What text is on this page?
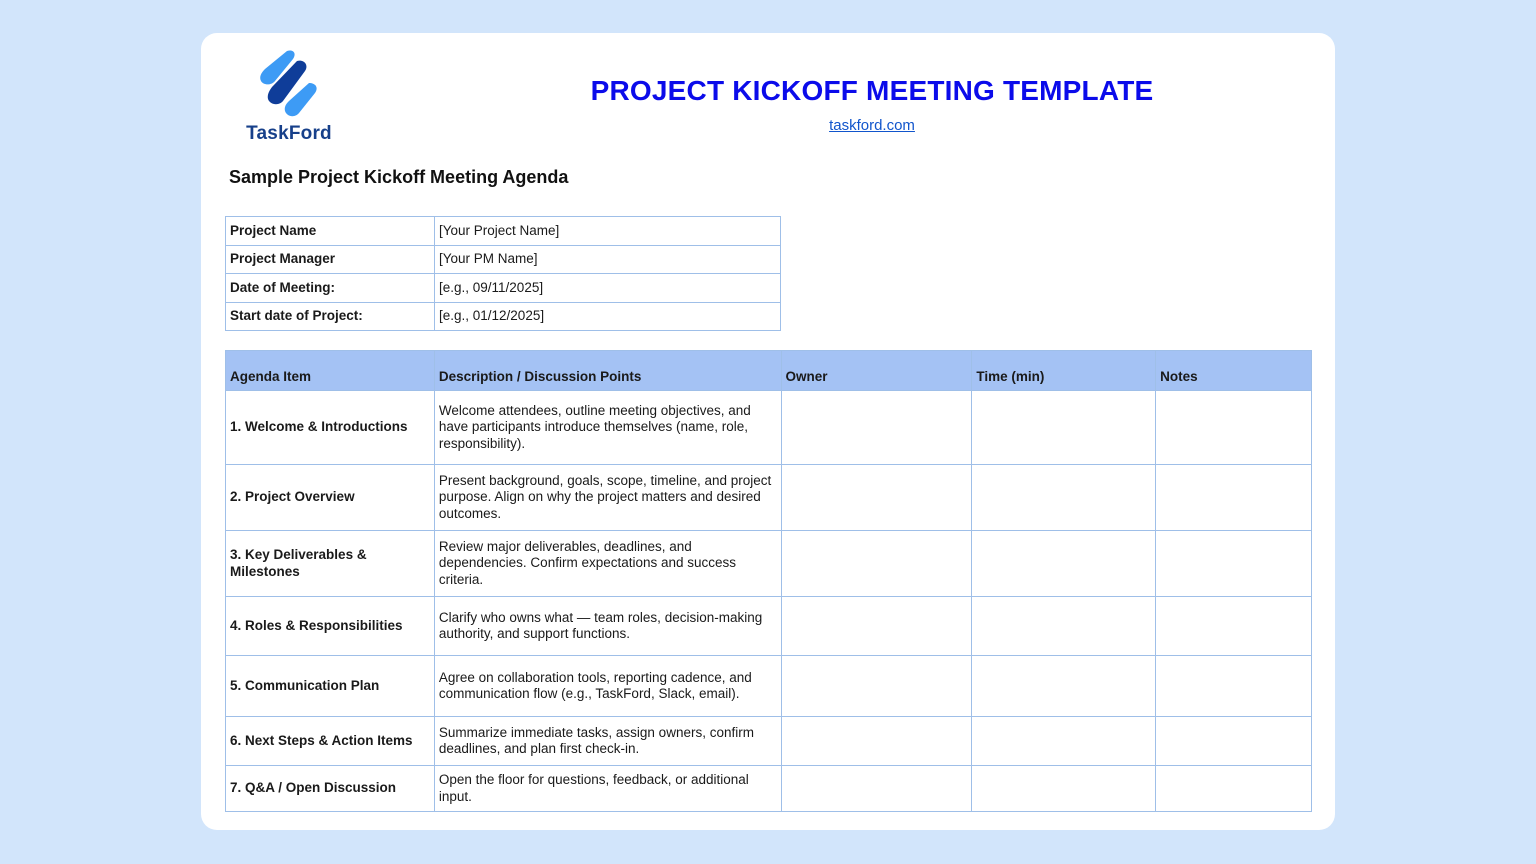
TaskFord
PROJECT KICKOFF MEETING TEMPLATE
taskford.com
Sample Project Kickoff Meeting Agenda
Project Name	[Your Project Name]
Project Manager	[Your PM Name]
Date of Meeting:	[e.g., 09/11/2025]
Start date of Project:	[e.g., 01/12/2025]
Agenda Item	Description / Discussion Points	Owner	Time (min)	Notes
1. Welcome & Introductions	Welcome attendees, outline meeting objectives, and have participants introduce themselves (name, role, responsibility).			
2. Project Overview	Present background, goals, scope, timeline, and project purpose. Align on why the project matters and desired outcomes.			
3. Key Deliverables & Milestones	Review major deliverables, deadlines, and dependencies. Confirm expectations and success criteria.			
4. Roles & Responsibilities	Clarify who owns what — team roles, decision-making authority, and support functions.			
5. Communication Plan	Agree on collaboration tools, reporting cadence, and communication flow (e.g., TaskFord, Slack, email).			
6. Next Steps & Action Items	Summarize immediate tasks, assign owners, confirm deadlines, and plan first check-in.			
7. Q&A / Open Discussion	Open the floor for questions, feedback, or additional input.			
